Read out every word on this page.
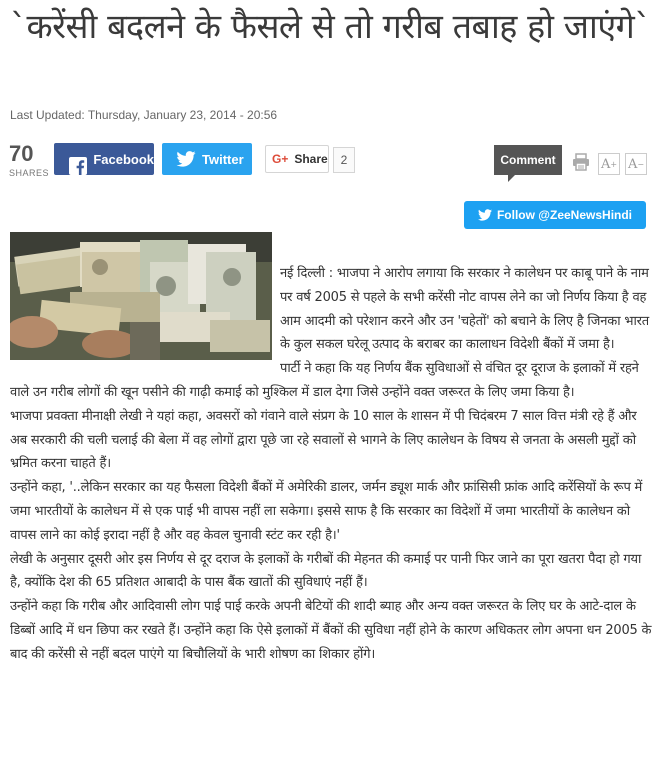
`करेंसी बदलने के फैसले से तो गरीब तबाह हो जाएंगे`
Last Updated: Thursday, January 23, 2014 - 20:56
70
SHARES
Facebook	Twitter G+ Share	2	Comment	A + A −
Follow @ZeeNewsHindi

नई दिल्ली : भाजपा ने आरोप लगाया कि सरकार ने कालेधन पर काबू पाने के नाम पर वर्ष 2005 से पहले के सभी करेंसी नोट वापस लेने का जो निर्णय किया है वह आम आदमी को परेशान करने और उन 'चहेतों' को बचाने के लिए है जिनका भारत के कुल सकल घरेलू उत्पाद के बराबर का कालाधन विदेशी बैंकों में जमा है।

पार्टी ने कहा कि यह निर्णय बैंक सुविधाओं से वंचित दूर दूराज के इलाकों में रहने वाले उन गरीब लोगों की खून पसीने की गाढ़ी कमाई को मुश्किल में डाल देगा जिसे उन्होंने वक्त जरूरत के लिए जमा किया है।

भाजपा प्रवक्ता मीनाक्षी लेखी ने यहां कहा, अवसरों को गंवाने वाले संप्रग के 10 साल के शासन में पी चिदंबरम 7 साल वित्त मंत्री रहे हैं और अब सरकारी की चली चलाई की बेला में वह लोगों द्वारा पूछे जा रहे सवालों से भागने के लिए कालेधन के विषय से जनता के असली मुद्दों को भ्रमित करना चाहते हैं।

उन्होंने कहा, '..लेकिन सरकार का यह फैसला विदेशी बैंकों में अमेरिकी डालर, जर्मन ड्यूश मार्क और फ्रांसिसी फ्रांक आदि करेंसियों के रूप में जमा भारतीयों के कालेधन में से एक पाई भी वापस नहीं ला सकेगा। इससे साफ है कि सरकार का विदेशों में जमा भारतीयों के कालेधन को वापस लाने का कोई इरादा नहीं है और वह केवल चुनावी स्टंट कर रही है।'

लेखी के अनुसार दूसरी ओर इस निर्णय से दूर दराज के इलाकों के गरीबों की मेहनत की कमाई पर पानी फिर जाने का पूरा खतरा पैदा हो गया है, क्योंकि देश की 65 प्रतिशत आबादी के पास बैंक खातों की सुविधाएं नहीं हैं।

उन्होंने कहा कि गरीब और आदिवासी लोग पाई पाई करके अपनी बेटियों की शादी ब्याह और अन्य वक्त जरूरत के लिए घर के आटे-दाल के डिब्बों आदि में धन छिपा कर रखते हैं। उन्होंने कहा कि ऐसे इलाकों में बैंकों की सुविधा नहीं होने के कारण अधिकतर लोग अपना धन 2005 के बाद की करेंसी से नहीं बदल पाएंगे या बिचौलियों के भारी शोषण का शिकार होंगे।
